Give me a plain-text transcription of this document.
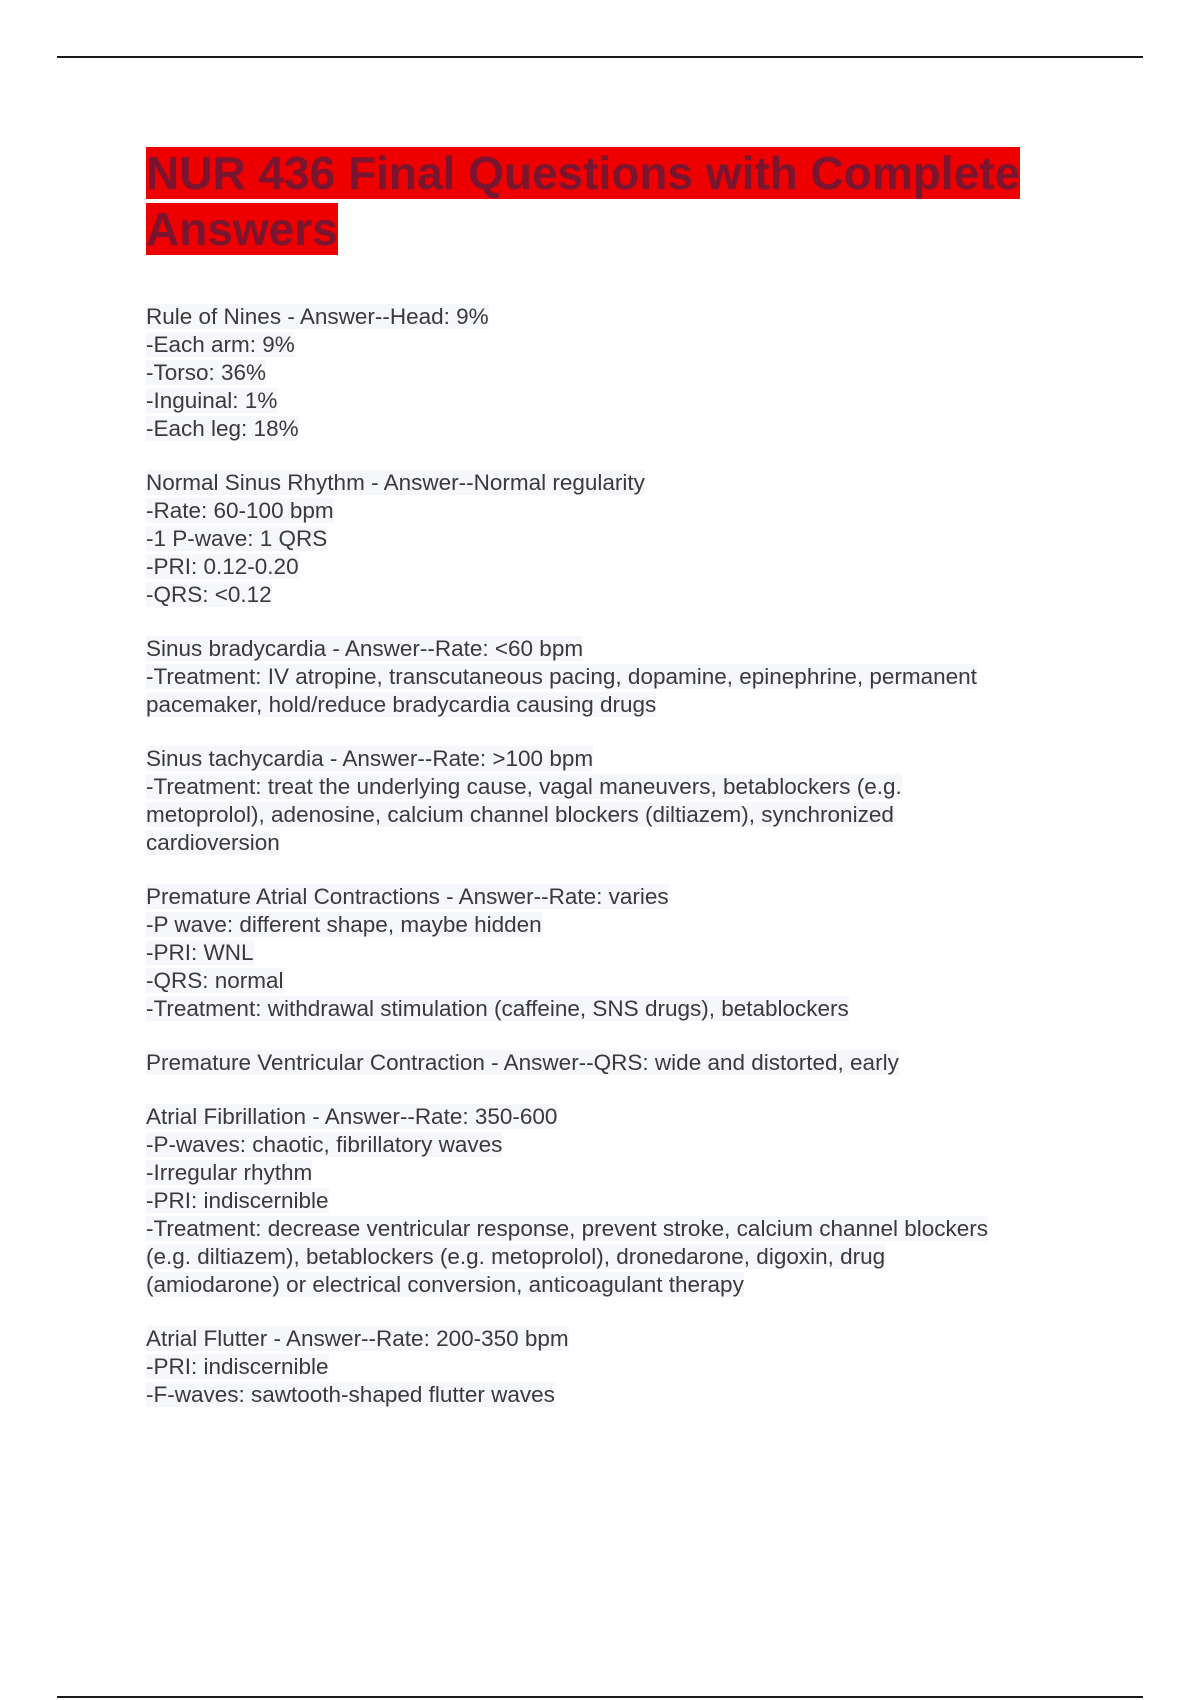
NUR 436 Final Questions with Complete Answers
Rule of Nines - Answer--Head: 9%
-Each arm: 9%
-Torso: 36%
-Inguinal: 1%
-Each leg: 18%
Normal Sinus Rhythm - Answer--Normal regularity
-Rate: 60-100 bpm
-1 P-wave: 1 QRS
-PRI: 0.12-0.20
-QRS: <0.12
Sinus bradycardia - Answer--Rate: <60 bpm
-Treatment: IV atropine, transcutaneous pacing, dopamine, epinephrine, permanent
pacemaker, hold/reduce bradycardia causing drugs
Sinus tachycardia - Answer--Rate: >100 bpm
-Treatment: treat the underlying cause, vagal maneuvers, betablockers (e.g.
metoprolol), adenosine, calcium channel blockers (diltiazem), synchronized
cardioversion
Premature Atrial Contractions - Answer--Rate: varies
-P wave: different shape, maybe hidden
-PRI: WNL
-QRS: normal
-Treatment: withdrawal stimulation (caffeine, SNS drugs), betablockers
Premature Ventricular Contraction - Answer--QRS: wide and distorted, early
Atrial Fibrillation - Answer--Rate: 350-600
-P-waves: chaotic, fibrillatory waves
-Irregular rhythm
-PRI: indiscernible
-Treatment: decrease ventricular response, prevent stroke, calcium channel blockers
(e.g. diltiazem), betablockers (e.g. metoprolol), dronedarone, digoxin, drug
(amiodarone) or electrical conversion, anticoagulant therapy
Atrial Flutter - Answer--Rate: 200-350 bpm
-PRI: indiscernible
-F-waves: sawtooth-shaped flutter waves
